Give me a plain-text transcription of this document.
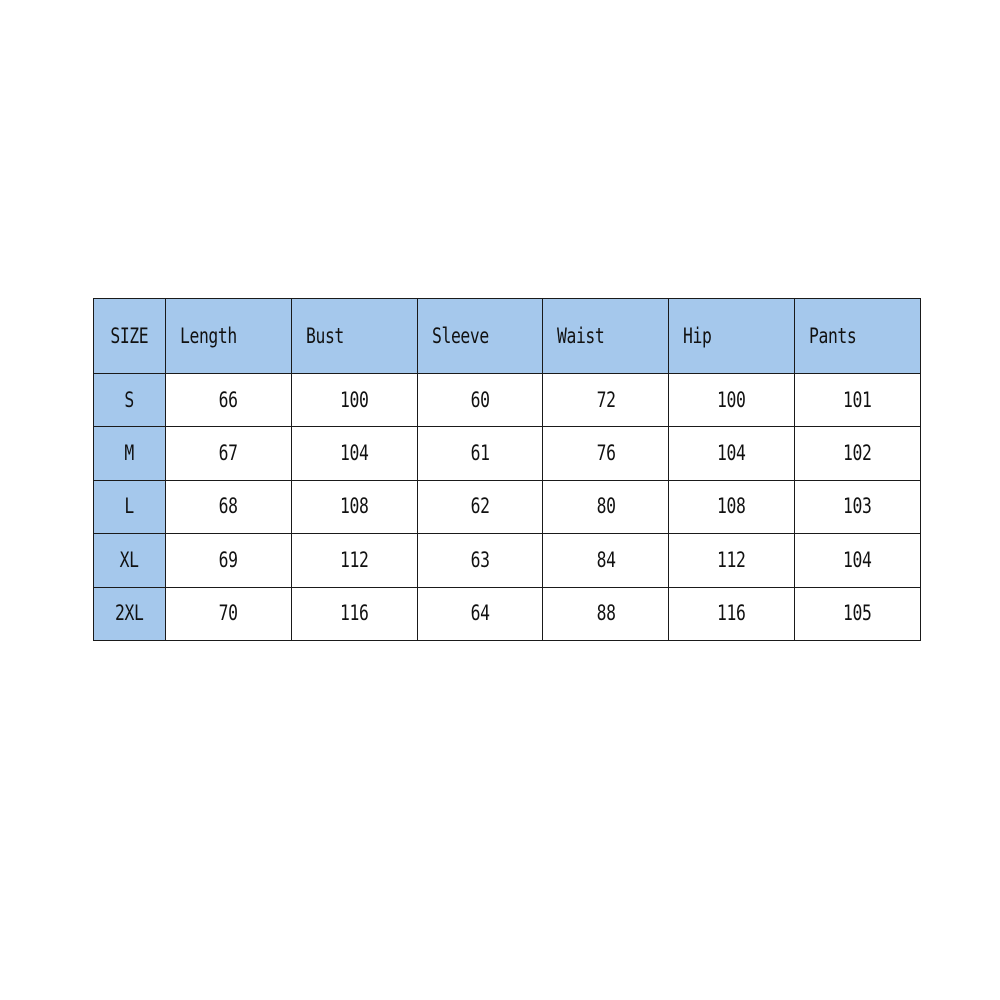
SIZE	Length	Bust	Sleeve	Waist	Hip	Pants
S	66	100	60	72	100	101
M	67	104	61	76	104	102
L	68	108	62	80	108	103
XL	69	112	63	84	112	104
2XL	70	116	64	88	116	105
